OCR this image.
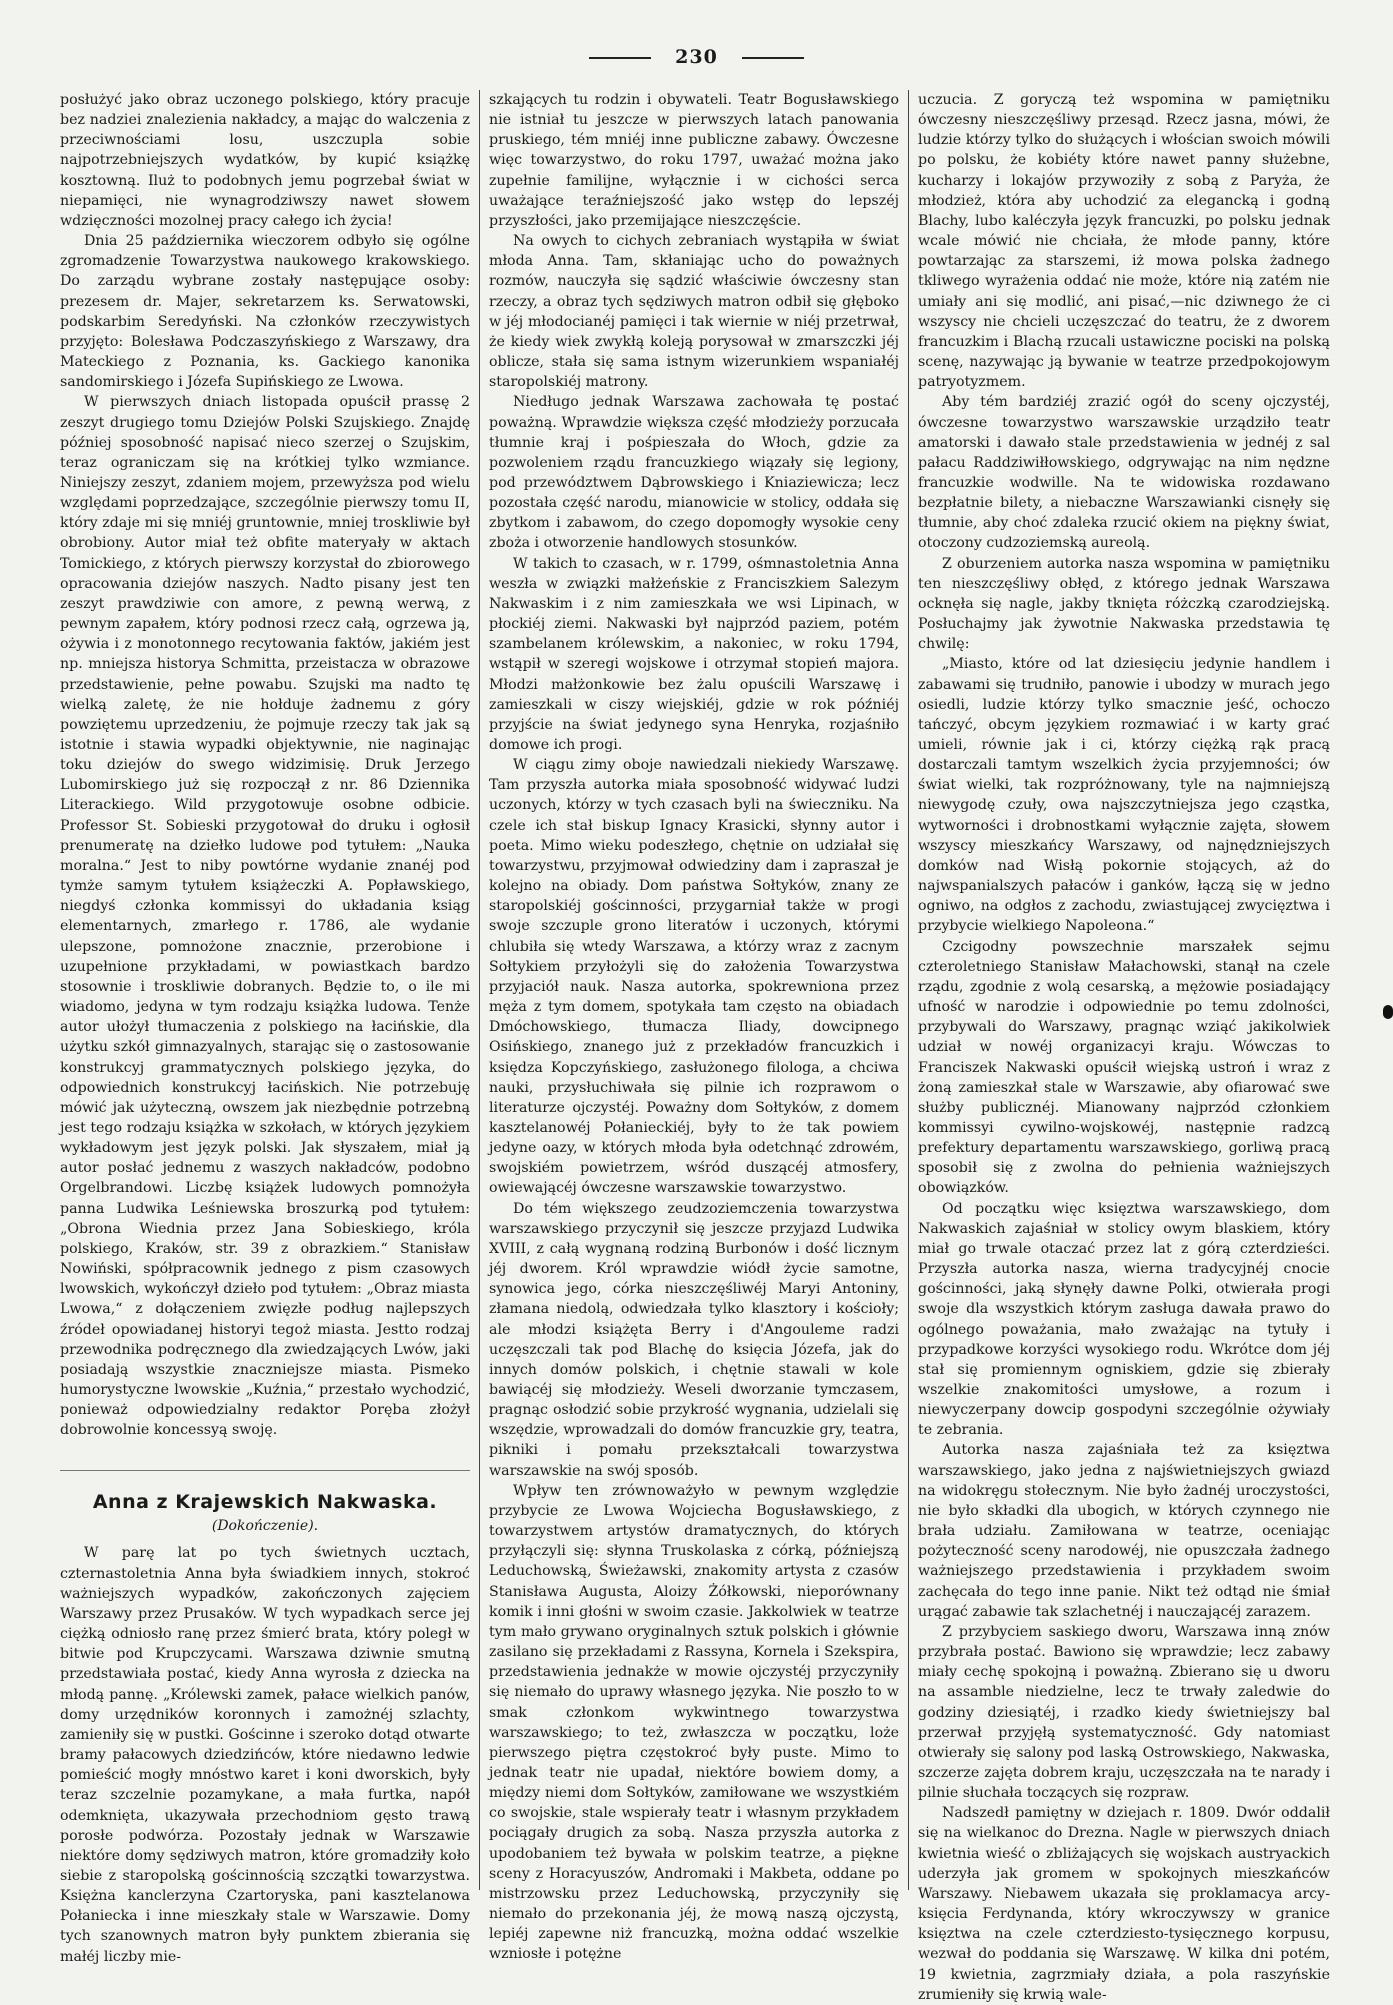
230

posłużyć jako obraz uczonego polskiego, który pracuje bez nadziei znalezienia nakładcy, a mając do walczenia z przeciwnościami losu, uszczupla sobie najpotrzebniejszych wydatków, by kupić książkę kosztowną. Iluż to podobnych jemu pogrzebał świat w niepamięci, nie wynagrodziwszy nawet słowem wdzięczności mozolnej pracy całego ich życia!

Dnia 25 października wieczorem odbyło się ogólne zgromadzenie Towarzystwa naukowego krakowskiego. Do zarządu wybrane zostały następujące osoby: prezesem dr. Majer, sekretarzem ks. Serwatowski, podskarbim Seredyński. Na członków rzeczywistych przyjęto: Bolesława Podczaszyńskiego z Warszawy, dra Mateckiego z Poznania, ks. Gackiego kanonika sandomirskiego i Józefa Supińskiego ze Lwowa.

W pierwszych dniach listopada opuścił prassę 2 zeszyt drugiego tomu Dziejów Polski Szujskiego. Znajdę później sposobność napisać nieco szerzej o Szujskim, teraz ograniczam się na krótkiej tylko wzmiance. Niniejszy zeszyt, zdaniem mojem, przewyższa pod wielu względami poprzedzające, szczególnie pierwszy tomu II, który zdaje mi się mniéj gruntownie, mniej troskliwie był obrobiony. Autor miał też obfite materyały w aktach Tomickiego, z których pierwszy korzystał do zbiorowego opracowania dziejów naszych. Nadto pisany jest ten zeszyt prawdziwie con amore, z pewną werwą, z pewnym zapałem, który podnosi rzecz całą, ogrzewa ją, ożywia i z monotonnego recytowania faktów, jakiém jest np. mniejsza historya Schmitta, przeistacza w obrazowe przedstawienie, pełne powabu. Szujski ma nadto tę wielką zaletę, że nie hołduje żadnemu z góry powziętemu uprzedzeniu, że pojmuje rzeczy tak jak są istotnie i stawia wypadki objektywnie, nie naginając toku dziejów do swego widzimisię. Druk Jerzego Lubomirskiego już się rozpoczął z nr. 86 Dziennika Literackiego. Wild przygotowuje osobne odbicie. Professor St. Sobieski przygotował do druku i ogłosił prenumeratę na dziełko ludowe pod tytułem: „Nauka moralna.“ Jest to niby powtórne wydanie znanéj pod tymże samym tytułem książeczki A. Popławskiego, niegdyś członka kommissyi do układania ksiąg elementarnych, zmarłego r. 1786, ale wydanie ulepszone, pomnożone znacznie, przerobione i uzupełnione przykładami, w powiastkach bardzo stosownie i troskliwie dobranych. Będzie to, o ile mi wiadomo, jedyna w tym rodzaju książka ludowa. Tenże autor ułożył tłumaczenia z polskiego na łacińskie, dla użytku szkół gimnazyalnych, starając się o zastosowanie konstrukcyj grammatycznych polskiego języka, do odpowiednich konstrukcyj łacińskich. Nie potrzebuję mówić jak użyteczną, owszem jak niezbędnie potrzebną jest tego rodzaju książka w szkołach, w których językiem wykładowym jest język polski. Jak słyszałem, miał ją autor posłać jednemu z waszych nakładców, podobno Orgelbrandowi. Liczbę książek ludowych pomnożyła panna Ludwika Leśniewska broszurką pod tytułem: „Obrona Wiednia przez Jana Sobieskiego, króla polskiego, Kraków, str. 39 z obrazkiem.“ Stanisław Nowiński, spółpracownik jednego z pism czasowych lwowskich, wykończył dzieło pod tytułem: „Obraz miasta Lwowa,“ z dołączeniem zwięzłe podług najlepszych źródeł opowiadanej historyi tegoż miasta. Jestto rodzaj przewodnika podręcznego dla zwiedzających Lwów, jaki posiadają wszystkie znaczniejsze miasta. Pismeko humorystyczne lwowskie „Kuźnia,“ przestało wychodzić, ponieważ odpowiedzialny redaktor Poręba złożył dobrowolnie koncessyą swoję.

Anna z Krajewskich Nakwaska.
(Dokończenie).

W parę lat po tych świetnych ucztach, czternastoletnia Anna była świadkiem innych, stokroć ważniejszych wypadków, zakończonych zajęciem Warszawy przez Prusaków. W tych wypadkach serce jej ciężką odniosło ranę przez śmierć brata, który poległ w bitwie pod Krupczycami. Warszawa dziwnie smutną przedstawiała postać, kiedy Anna wyrosła z dziecka na młodą pannę. „Królewski zamek, pałace wielkich panów, domy urzędników koronnych i zamożnéj szlachty, zamieniły się w pustki. Gościnne i szeroko dotąd otwarte bramy pałacowych dziedzińców, które niedawno ledwie pomieścić mogły mnóstwo karet i koni dworskich, były teraz szczelnie pozamykane, a mała furtka, napół odemknięta, ukazywała przechodniom gęsto trawą porosłe podwórza. Pozostały jednak w Warszawie niektóre domy sędziwych matron, które gromadziły koło siebie z staropolską gościnnością szczątki towarzystwa. Księżna kanclerzyna Czartoryska, pani kasztelanowa Połaniecka i inne mieszkały stale w Warszawie. Domy tych szanownych matron były punktem zbierania się małéj liczby mie-

szkających tu rodzin i obywateli. Teatr Bogusławskiego nie istniał tu jeszcze w pierwszych latach panowania pruskiego, tém mniéj inne publiczne zabawy. Ówczesne więc towarzystwo, do roku 1797, uważać można jako zupełnie familijne, wyłącznie i w cichości serca uważające teraźniejszość jako wstęp do lepszéj przyszłości, jako przemijające nieszczęście.

Na owych to cichych zebraniach wystąpiła w świat młoda Anna. Tam, skłaniając ucho do poważnych rozmów, nauczyła się sądzić właściwie ówczesny stan rzeczy, a obraz tych sędziwych matron odbił się głęboko w jéj młodocianéj pamięci i tak wiernie w niéj przetrwał, że kiedy wiek zwykłą koleją porysował w zmarszczki jéj oblicze, stała się sama istnym wizerunkiem wspaniałéj staropolskiéj matrony.

Niedługo jednak Warszawa zachowała tę postać poważną. Wprawdzie większa część młodzieży porzucała tłumnie kraj i pośpieszała do Włoch, gdzie za pozwoleniem rządu francuzkiego wiązały się legiony, pod przewództwem Dąbrowskiego i Kniaziewicza; lecz pozostała część narodu, mianowicie w stolicy, oddała się zbytkom i zabawom, do czego dopomogły wysokie ceny zboża i otworzenie handlowych stosunków.

W takich to czasach, w r. 1799, ośmnastoletnia Anna weszła w związki małżeńskie z Franciszkiem Salezym Nakwaskim i z nim zamieszkała we wsi Lipinach, w płockiéj ziemi. Nakwaski był najprzód paziem, potém szambelanem królewskim, a nakoniec, w roku 1794, wstąpił w szeregi wojskowe i otrzymał stopień majora. Młodzi małżonkowie bez żalu opuścili Warszawę i zamieszkali w ciszy wiejskiéj, gdzie w rok późniéj przyjście na świat jedynego syna Henryka, rozjaśniło domowe ich progi.

W ciągu zimy oboje nawiedzali niekiedy Warszawę. Tam przyszła autorka miała sposobność widywać ludzi uczonych, którzy w tych czasach byli na świeczniku. Na czele ich stał biskup Ignacy Krasicki, słynny autor i poeta. Mimo wieku podeszłego, chętnie on udziałał się towarzystwu, przyjmował odwiedziny dam i zapraszał je kolejno na obiady. Dom państwa Sołtyków, znany ze staropolskiéj gościnności, przygarniał także w progi swoje szczuple grono literatów i uczonych, którymi chlubiła się wtedy Warszawa, a którzy wraz z zacnym Sołtykiem przyłożyli się do założenia Towarzystwa przyjaciół nauk. Nasza autorka, spokrewniona przez męża z tym domem, spotykała tam często na obiadach Dmóchowskiego, tłumacza Iliady, dowcipnego Osińskiego, znanego już z przekładów francuzkich i księdza Kopczyńskiego, zasłużonego filologa, a chciwa nauki, przysłuchiwała się pilnie ich rozprawom o literaturze ojczystéj. Poważny dom Sołtyków, z domem kasztelanowéj Połanieckiéj, były to że tak powiem jedyne oazy, w których młoda była odetchnąć zdrowém, swojskiém powietrzem, wśród duszącéj atmosfery, owiewającéj ówczesne warszawskie towarzystwo.

Do tém większego zeudzoziemczenia towarzystwa warszawskiego przyczynił się jeszcze przyjazd Ludwika XVIII, z całą wygnaną rodziną Burbonów i dość licznym jéj dworem. Król wprawdzie wiódł życie samotne, synowica jego, córka nieszczęśliwéj Maryi Antoniny, złamana niedolą, odwiedzała tylko klasztory i kościoły; ale młodzi książęta Berry i d'Angouleme radzi uczęszczali tak pod Blachę do księcia Józefa, jak do innych domów polskich, i chętnie stawali w kole bawiącéj się młodzieży. Weseli dworzanie tymczasem, pragnąc osłodzić sobie przykrość wygnania, udzielali się wszędzie, wprowadzali do domów francuzkie gry, teatra, pikniki i pomału przekształcali towarzystwa warszawskie na swój sposób.

Wpływ ten zrównoważyło w pewnym względzie przybycie ze Lwowa Wojciecha Bogusławskiego, z towarzystwem artystów dramatycznych, do których przyłączyli się: słynna Truskolaska z córką, późniejszą Leduchowską, Świeżawski, znakomity artysta z czasów Stanisława Augusta, Aloizy Żółkowski, nieporównany komik i inni głośni w swoim czasie. Jakkolwiek w teatrze tym mało grywano oryginalnych sztuk polskich i głównie zasilano się przekładami z Rassyna, Kornela i Szekspira, przedstawienia jednakże w mowie ojczystéj przyczyniły się niemało do uprawy własnego języka. Nie poszło to w smak członkom wykwintnego towarzystwa warszawskiego; to też, zwłaszcza w początku, loże pierwszego piętra częstokroć były puste. Mimo to jednak teatr nie upadał, niektóre bowiem domy, a między niemi dom Sołtyków, zamiłowane we wszystkiém co swojskie, stale wspierały teatr i własnym przykładem pociągały drugich za sobą. Nasza przyszła autorka z upodobaniem też bywała w polskim teatrze, a piękne sceny z Horacyuszów, Andromaki i Makbeta, oddane po mistrzowsku przez Leduchowską, przyczyniły się niemało do przekonania jéj, że mową naszą ojczystą, lepiéj zapewne niż francuzką, można oddać wszelkie wzniosłe i potężne

uczucia. Z goryczą też wspomina w pamiętniku ówczesny nieszczęśliwy przesąd. Rzecz jasna, mówi, że ludzie którzy tylko do służących i włościan swoich mówili po polsku, że kobiéty które nawet panny służebne, kucharzy i lokajów przywoziły z sobą z Paryża, że młodzież, która aby uchodzić za elegancką i godną Blachy, lubo kaléczyła język francuzki, po polsku jednak wcale mówić nie chciała, że młode panny, które powtarzając za starszemi, iż mowa polska żadnego tkliwego wyrażenia oddać nie może, które nią zatém nie umiały ani się modlić, ani pisać,—nic dziwnego że ci wszyscy nie chcieli uczęszczać do teatru, że z dworem francuzkim i Blachą rzucali ustawiczne pociski na polską scenę, nazywając ją bywanie w teatrze przedpokojowym patryotyzmem.

Aby tém bardziéj zrazić ogół do sceny ojczystéj, ówczesne towarzystwo warszawskie urządziło teatr amatorski i dawało stale przedstawienia w jednéj z sal pałacu Raddziwiłłowskiego, odgrywając na nim nędzne francuzkie wodwille. Na te widowiska rozdawano bezpłatnie bilety, a niebaczne Warszawianki cisnęły się tłumnie, aby choć zdaleka rzucić okiem na piękny świat, otoczony cudzoziemską aureolą.

Z oburzeniem autorka nasza wspomina w pamiętniku ten nieszczęśliwy obłęd, z którego jednak Warszawa ocknęła się nagle, jakby tknięta różczką czarodziejską. Posłuchajmy jak żywotnie Nakwaska przedstawia tę chwilę:

„Miasto, które od lat dziesięciu jedynie handlem i zabawami się trudniło, panowie i ubodzy w murach jego osiedli, ludzie którzy tylko smacznie jeść, ochoczo tańczyć, obcym językiem rozmawiać i w karty grać umieli, równie jak i ci, którzy ciężką rąk pracą dostarczali tamtym wszelkich życia przyjemności; ów świat wielki, tak rozpróżnowany, tyle na najmniejszą niewygodę czuły, owa najszczytniejsza jego cząstka, wytworności i drobnostkami wyłącznie zajęta, słowem wszyscy mieszkańcy Warszawy, od najnędzniejszych domków nad Wisłą pokornie stojących, aż do najwspanialszych pałaców i ganków, łączą się w jedno ogniwo, na odgłos z zachodu, zwiastującej zwycięztwa i przybycie wielkiego Napoleona.“

Czcigodny powszechnie marszałek sejmu czteroletniego Stanisław Małachowski, stanął na czele rządu, zgodnie z wolą cesarską, a mężowie posiadający ufność w narodzie i odpowiednie po temu zdolności, przybywali do Warszawy, pragnąc wziąć jakikolwiek udział w nowéj organizacyi kraju. Wówczas to Franciszek Nakwaski opuścił wiejską ustroń i wraz z żoną zamieszkał stale w Warszawie, aby ofiarować swe służby publicznéj. Mianowany najprzód członkiem kommissyi cywilno-wojskowéj, następnie radzcą prefektury departamentu warszawskiego, gorliwą pracą sposobił się z zwolna do pełnienia ważniejszych obowiązków.

Od początku więc księztwa warszawskiego, dom Nakwaskich zajaśniał w stolicy owym blaskiem, który miał go trwale otaczać przez lat z górą czterdzieści. Przyszła autorka nasza, wierna tradycyjnéj cnocie gościnności, jaką słynęły dawne Polki, otwierała progi swoje dla wszystkich którym zasługa dawała prawo do ogólnego poważania, mało zważając na tytuły i przypadkowe korzyści wysokiego rodu. Wkrótce dom jéj stał się promiennym ogniskiem, gdzie się zbierały wszelkie znakomitości umysłowe, a rozum i niewyczerpany dowcip gospodyni szczególnie ożywiały te zebrania.

Autorka nasza zajaśniała też za księztwa warszawskiego, jako jedna z najświetniejszych gwiazd na widokręgu stołecznym. Nie było żadnéj uroczystości, nie było składki dla ubogich, w których czynnego nie brała udziału. Zamiłowana w teatrze, oceniając pożyteczność sceny narodowéj, nie opuszczała żadnego ważniejszego przedstawienia i przykładem swoim zachęcała do tego inne panie. Nikt też odtąd nie śmiał urągać zabawie tak szlachetnéj i nauczającéj zarazem.

Z przybyciem saskiego dworu, Warszawa inną znów przybrała postać. Bawiono się wprawdzie; lecz zabawy miały cechę spokojną i poważną. Zbierano się u dworu na assamble niedzielne, lecz te trwały zaledwie do godziny dziesiątéj, i rzadko kiedy świetniejszy bal przerwał przyjęłą systematyczność. Gdy natomiast otwierały się salony pod laską Ostrowskiego, Nakwaska, szczerze zajęta dobrem kraju, uczęszczała na te narady i pilnie słuchała toczących się rozpraw.

Nadszedł pamiętny w dziejach r. 1809. Dwór oddalił się na wielkanoc do Drezna. Nagle w pierwszych dniach kwietnia wieść o zbliżających się wojskach austryackich uderzyła jak gromem w spokojnych mieszkańców Warszawy. Niebawem ukazała się proklamacya arcy-księcia Ferdynanda, który wkroczywszy w granice księztwa na czele czterdziesto-tysięcznego korpusu, wezwał do poddania się Warszawę. W kilka dni potém, 19 kwietnia, zagrzmiały działa, a pola raszyńskie zrumieniły się krwią wale-
